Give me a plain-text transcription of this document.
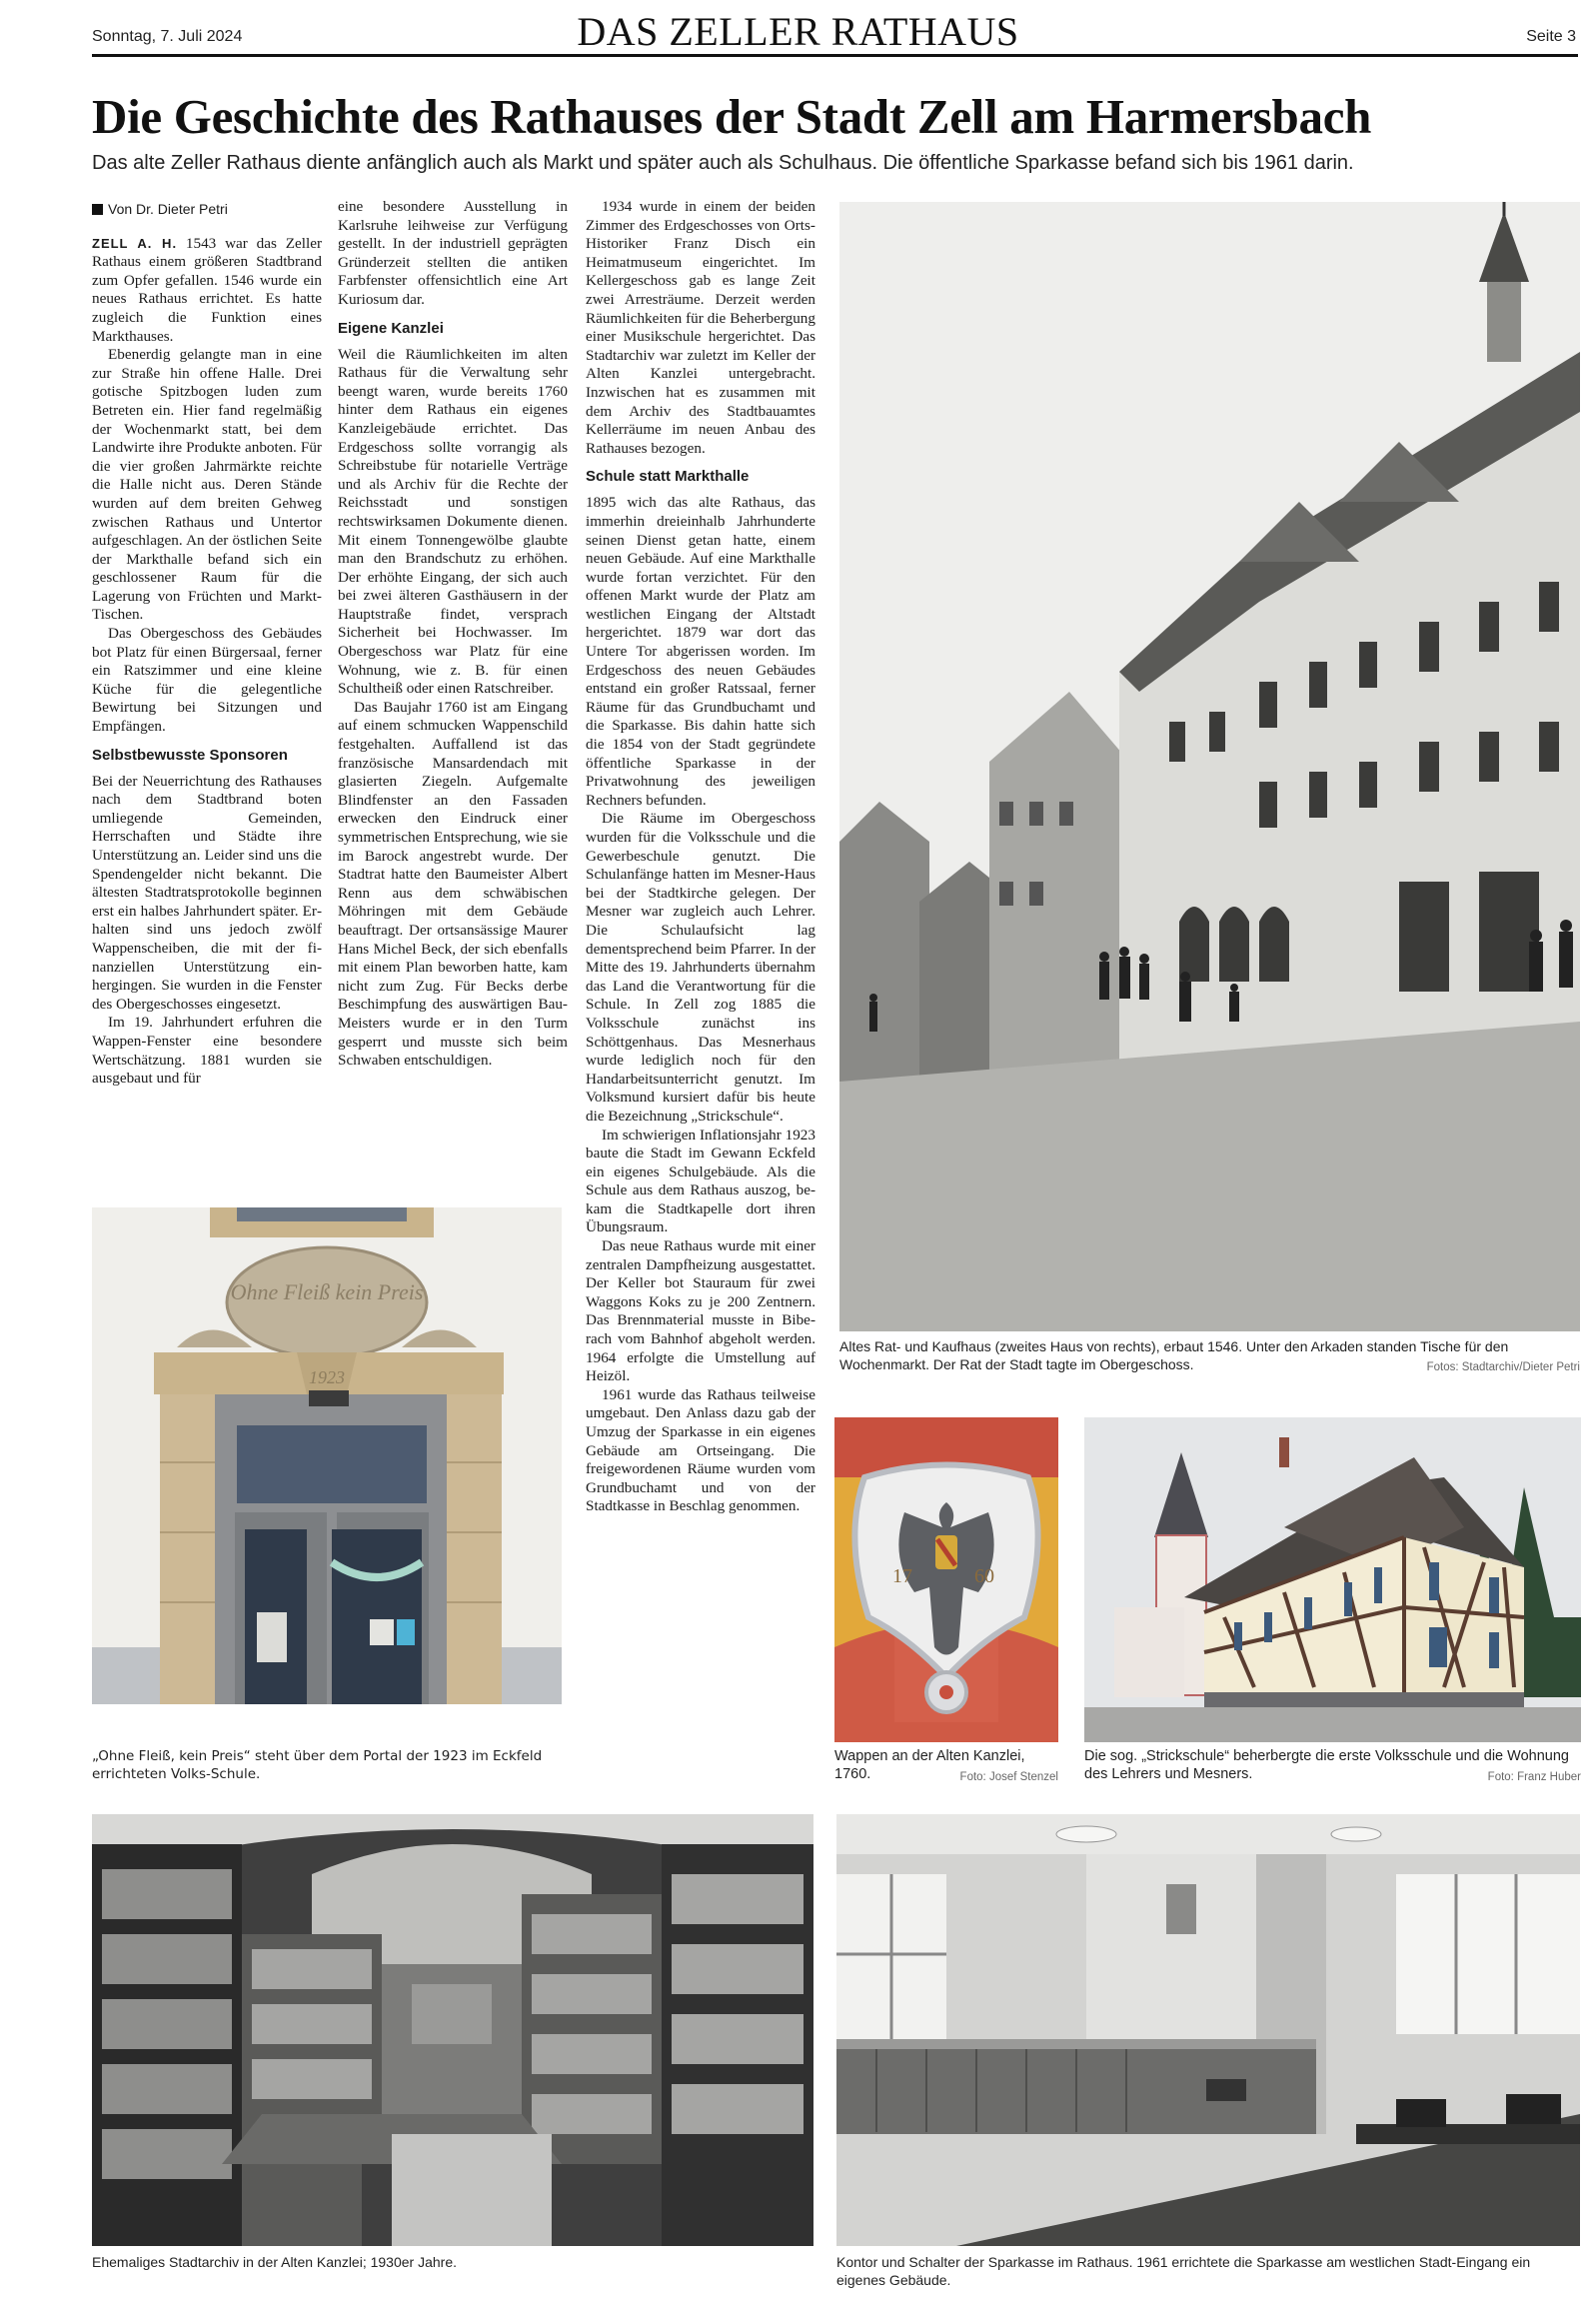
Sonntag, 7. Juli 2024	DAS ZELLER RATHAUS	Seite 3
Die Geschichte des Rathauses der Stadt Zell am Harmersbach
Das alte Zeller Rathaus diente anfänglich auch als Markt und später auch als Schulhaus. Die öffentliche Sparkasse befand sich bis 1961 darin.
Altes Rat- und Kaufhaus (zweites Haus von rechts), erbaut 1546. Unter den Arkaden standen Tische für den Wochenmarkt. Der Rat der Stadt tagte im Obergeschoss.	Fotos: Stadtarchiv/Dieter Petri
Ohne Fleiß kein Preis
1923
„Ohne Fleiß, kein Preis“ steht über dem Portal der 1923 im Eckfeld errichteten Volks-Schule.
17	60
Wappen an der Alten Kanzlei, 1760.	Foto: Josef Stenzel
Die sog. „Strickschule“ beherbergte die erste Volksschule und die Wohnung des Lehrers und Mesners.	Foto: Franz Huber
Ehemaliges Stadtarchiv in der Alten Kanzlei; 1930er Jahre.	Kontor und Schalter der Sparkasse im Rathaus. 1961 errichtete die Sparkasse am westlichen Stadt-Eingang ein eigenes Gebäude.

Von Dr. Dieter Petri

ZELL A. H. 1543 war das Zeller Rathaus einem größeren Stadtbrand zum Opfer gefallen. 1546 wurde ein neues Rathaus errichtet. Es hatte zugleich die Funktion eines Markthauses.

Ebenerdig gelangte man in eine zur Straße hin offene Halle. Drei gotische Spitzbogen luden zum Betreten ein. Hier fand regelmäßig der Wochenmarkt statt, bei dem Landwirte ihre Produkte anboten. Für die vier großen Jahrmärkte reichte die Halle nicht aus. Deren Stände wurden auf dem breiten Gehweg zwischen Rathaus und Untertor aufgeschlagen. An der östlichen Seite der Markthalle befand sich ein geschlossener Raum für die Lagerung von Früchten und Markt-Tischen.

Das Obergeschoss des Gebäudes bot Platz für einen Bürgersaal, ferner ein Ratszimmer und eine kleine Küche für die gelegentliche Bewirtung bei Sitzungen und Empfängen.

Selbstbewusste Sponsoren

Bei der Neuerrichtung des Rathauses nach dem Stadtbrand boten umliegende Gemeinden, Herrschaften und Städte ihre Unterstützung an. Leider sind uns die Spendengelder nicht bekannt. Die ältesten Stadtratsprotokolle beginnen erst ein halbes Jahrhundert später. Erhalten sind uns jedoch zwölf Wappenscheiben, die mit der finanziellen Unterstützung einhergingen. Sie wurden in die Fenster des Obergeschosses eingesetzt.

Im 19. Jahrhundert erfuhren die Wappen-Fenster eine besondere Wertschätzung. 1881 wurden sie ausgebaut und für

eine besondere Ausstellung in Karlsruhe leihweise zur Verfügung gestellt. In der industriell geprägten Gründerzeit stellten die antiken Farbfenster offensichtlich eine Art Kuriosum dar.

Eigene Kanzlei

Weil die Räumlichkeiten im alten Rathaus für die Verwaltung sehr beengt waren, wurde bereits 1760 hinter dem Rathaus ein eigenes Kanzleigebäude errichtet. Das Erdgeschoss sollte vorrangig als Schreibstube für notarielle Verträge und als Archiv für die Rechte der Reichsstadt und sonstigen rechtswirksamen Dokumente dienen. Mit einem Tonnengewölbe glaubte man den Brandschutz zu erhöhen. Der erhöhte Eingang, der sich auch bei zwei älteren Gasthäusern in der Hauptstraße findet, versprach Sicherheit bei Hochwasser. Im Obergeschoss war Platz für eine Wohnung, wie z. B. für einen Schultheiß oder einen Ratschreiber.

Das Baujahr 1760 ist am Eingang auf einem schmucken Wappenschild festgehalten. Auffallend ist das französische Mansardendach mit glasierten Ziegeln. Aufgemalte Blindfenster an den Fassaden erwecken den Eindruck einer symmetrischen Entsprechung, wie sie im Barock angestrebt wurde. Der Stadtrat hatte den Baumeister Albert Renn aus dem schwäbischen Möhringen mit dem Gebäude beauftragt. Der ortsansässige Maurer Hans Michel Beck, der sich ebenfalls mit einem Plan beworben hatte, kam nicht zum Zug. Für Becks derbe Beschimpfung des auswärtigen Bau-Meisters wurde er in den Turm gesperrt und musste sich beim Schwaben entschuldigen.

1934 wurde in einem der beiden Zimmer des Erdgeschosses von Orts-Historiker Franz Disch ein Heimatmuseum eingerichtet. Im Kellergeschoss gab es lange Zeit zwei Arresträume. Derzeit werden Räumlichkeiten für die Beherbergung einer Musikschule hergerichtet. Das Stadtarchiv war zuletzt im Keller der Alten Kanzlei untergebracht. Inzwischen hat es zusammen mit dem Archiv des Stadtbauamtes Kellerräume im neuen Anbau des Rathauses bezogen.

Schule statt Markthalle

1895 wich das alte Rathaus, das immerhin dreieinhalb Jahrhunderte seinen Dienst getan hatte, einem neuen Gebäude. Auf eine Markthalle wurde fortan verzichtet. Für den offenen Markt wurde der Platz am westlichen Eingang der Altstadt hergerichtet. 1879 war dort das Untere Tor abgerissen worden. Im Erdgeschoss des neuen Gebäudes entstand ein großer Ratssaal, ferner Räume für das Grundbuchamt und die Sparkasse. Bis dahin hatte sich die 1854 von der Stadt gegründete öffentliche Sparkasse in der Privatwohnung des jeweiligen Rechners befunden.

Die Räume im Obergeschoss wurden für die Volksschule und die Gewerbeschule genutzt. Die Schulanfänge hatten im Mesner-Haus bei der Stadtkirche gelegen. Der Mesner war zugleich auch Lehrer. Die Schulaufsicht lag dementsprechend beim Pfarrer. In der Mitte des 19. Jahrhunderts übernahm das Land die Verantwortung für die Schule. In Zell zog 1885 die Volksschule zunächst ins Schöttgenhaus. Das Mesnerhaus wurde lediglich noch für den Handarbeitsunterricht genutzt. Im Volksmund kursiert dafür bis heute die Bezeichnung „Strickschule“.

Im schwierigen Inflationsjahr 1923 baute die Stadt im Gewann Eckfeld ein eigenes Schulgebäude. Als die Schule aus dem Rathaus auszog, bekam die Stadtkapelle dort ihren Übungsraum.

Das neue Rathaus wurde mit einer zentralen Dampfheizung ausgestattet. Der Keller bot Stauraum für zwei Waggons Koks zu je 200 Zentnern. Das Brennmaterial musste in Biberach vom Bahnhof abgeholt werden. 1964 erfolgte die Umstellung auf Heizöl.

1961 wurde das Rathaus teilweise umgebaut. Den Anlass dazu gab der Umzug der Sparkasse in ein eigenes Gebäude am Ortseingang. Die freigewordenen Räume wurden vom Grundbuchamt und von der Stadtkasse in Beschlag genommen.
